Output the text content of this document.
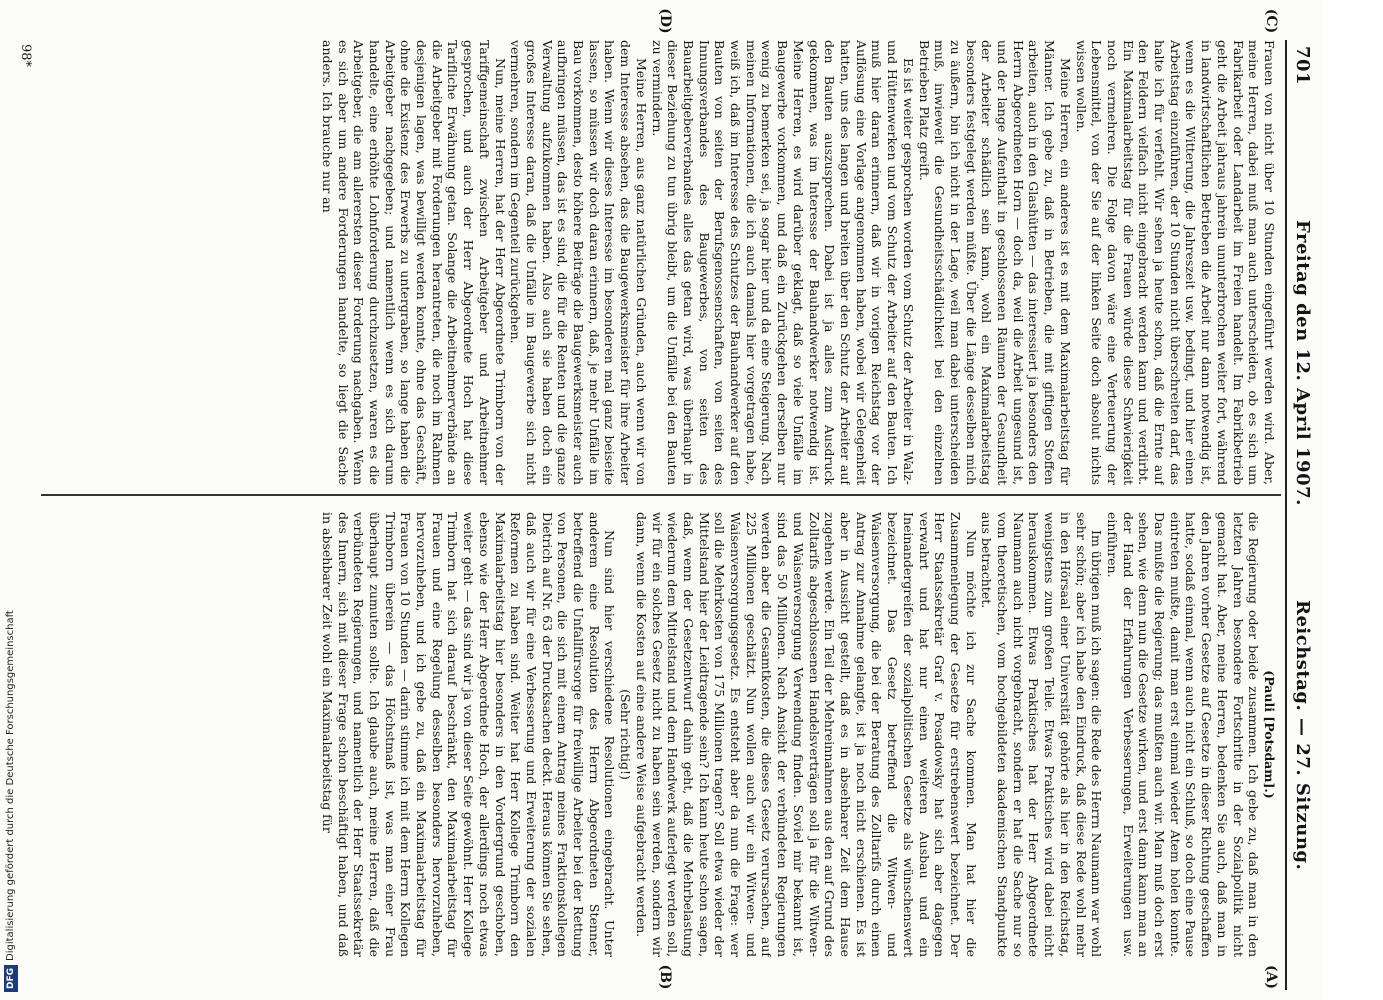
701
Freitag den 12. April 1907.
Reichstag. — 27. Sitzung.
(A)
(B)
(C)
(D)

(Pauli [Potsdam].)

die Regierung oder beide zusammen. Ich gebe zu, daß man in den letzten Jahren besondere Fortschritte in der Sozialpolitik nicht gemacht hat. Aber, meine Herren, bedenken Sie auch, daß man in den Jahren vorher Gesetze auf Gesetze in dieser Richtung geschaffen hatte, sodaß einmal, wenn auch nicht ein Schluß, so doch eine Pause eintreten mußte, damit man erst einmal wieder Atem holen konnte. Das mußte die Regierung; das mußten auch wir. Man muß doch erst sehen, wie denn nun die Gesetze wirken, und erst dann kann man an der Hand der Erfahrungen Verbesserungen, Erweiterungen usw. einführen.

Im übrigen muß ich sagen: die Rede des Herrn Naumann war wohl sehr schön; aber ich habe den Eindruck, daß diese Rede wohl mehr in den Hörsaal einer Universität gehörte als hier in den Reichstag, wenigstens zum großen Teile. Etwas Praktisches wird dabei nicht herauskommen. Etwas Praktisches hat der Herr Abgeordnete Naumann auch nicht vorgebracht, sondern er hat die Sache nur so vom theoretischen, vom hochgebildeten akademischen Standpunkte aus betrachtet.

Nun möchte ich zur Sache kommen. Man hat hier die Zusammenlegung der Gesetze für erstrebenswert bezeichnet. Der Herr Staatssekretär Graf v. Posadowsky hat sich aber dagegen verwahrt und hat nur einen weiteren Ausbau und ein Ineinandergreifen der sozialpolitischen Gesetze als wünschenswert bezeichnet. Das Gesetz betreffend die Witwen- und Waisenversorgung, die bei der Beratung des Zolltarifs durch einen Antrag zur Annahme gelangte, ist ja noch nicht erschienen. Es ist aber in Aussicht gestellt, daß es in absehbarer Zeit dem Hause zugehen werde. Ein Teil der Mehreinnahmen aus den auf Grund des Zolltarifs abgeschlossenen Handelsverträgen soll ja für die Witwen- und Waisenversorgung Verwendung finden. Soviel mir bekannt ist, sind das 50 Millionen. Nach Ansicht der verbündeten Regierungen werden aber die Gesamtkosten, die dieses Gesetz verursachen, auf 225 Millionen geschätzt. Nun wollen auch wir ein Witwen- und Waisenversorgungsgesetz. Es entsteht aber da nun die Frage: wer soll die Mehrkosten von 175 Millionen tragen? Soll etwa wieder der Mittelstand hier der Leidtragende sein? Ich kann heute schon sagen, daß, wenn der Gesetzentwurf dahin geht, daß die Mehrbelastung wiederum dem Mittelstand und dem Handwerk auferlegt werden soll, wir für ein solches Gesetz nicht zu haben sein werden, sondern wir dann, wenn die Kosten auf eine andere Weise aufgebracht werden.

(Sehr richtig!)

Nun sind hier verschiedene Resolutionen eingebracht. Unter anderem eine Resolution des Herrn Abgeordneten Stenner, betreffend die Unfallfürsorge für freiwillige Arbeiter bei der Rettung von Personen, die sich mit einem Antrag meines Fraktionskollegen Dietrich auf Nr. 63 der Drucksachen deckt. Heraus können Sie sehen, daß auch wir für eine Verbesserung und Erweiterung der sozialen Reformen zu haben sind. Weiter hat Herr Kollege Trimborn den Maximalarbeitstag hier besonders in den Vordergrund geschoben, ebenso wie der Herr Abgeordnete Hoch, der allerdings noch etwas weiter geht — das sind wir ja von dieser Seite gewöhnt. Herr Kollege Trimborn hat sich darauf beschränkt, den Maximalarbeitstag für Frauen und eine Regelung desselben besonders hervorzuheben, hervorzuheben, und ich gebe zu, daß ein Maximalarbeitstag für Frauen von 10 Stunden — darin stimme ich mit dem Herrn Kollegen Trimborn überein — das Höchstmaß ist, was man einer Frau überhaupt zumuten sollte. Ich glaube auch, meine Herren, daß die verbündeten Regierungen, und namentlich der Herr Staatssekretär des Innern, sich mit dieser Frage schon beschäftigt haben, und daß in absehbarer Zeit wohl ein Maximalarbeitstag für

Frauen von nicht über 10 Stunden eingeführt werden wird. Aber, meine Herren, dabei muß man auch unterscheiden, ob es sich um Fabrikarbeit oder Landarbeit im Freien handelt. Im Fabrikbetrieb geht die Arbeit jahraus jahrein ununterbrochen weiter fort, während in landwirtschaftlichen Betrieben die Arbeit nur dann notwendig ist, wenn es die Witterung, die Jahreszeit usw. bedingt, und hier einen Arbeitstag einzuführen, der 10 Stunden nicht überschreiten darf, das halte ich für verfehlt. Wir sehen ja heute schon, daß die Ernte auf den Feldern vielfach nicht eingebracht werden kann und verdirbt. Ein Maximalarbeitstag für die Frauen würde diese Schwierigkeit noch vermehren. Die Folge davon wäre eine Verteuerung der Lebensmittel, von der Sie auf der linken Seite doch absolut nichts wissen wollen.

Meine Herren, ein anderes ist es mit dem Maximalarbeitstag für Männer. Ich gebe zu, daß in Betrieben, die mit giftigen Stoffen arbeiten, auch in den Glashütten — das interessiert ja besonders den Herrn Abgeordneten Horn — doch da, weil die Arbeit ungesund ist, und der lange Aufenthalt in geschlossenen Räumen der Gesundheit der Arbeiter schädlich sein kann, wohl ein Maximalarbeitstag besonders festgelegt werden müßte. Über die Länge desselben mich zu äußern, bin ich nicht in der Lage, weil man dabei unterscheiden muß, inwieweit die Gesundheitsschädlichkeit bei den einzelnen Betrieben Platz greift.

Es ist weiter gesprochen worden vom Schutz der Arbeiter in Walz- und Hüttenwerken und vom Schutz der Arbeiter auf den Bauten. Ich muß hier daran erinnern, daß wir in vorigen Reichstag vor der Auflösung eine Vorlage angenommen haben, wobei wir Gelegenheit hatten, uns des langen und breiten über den Schutz der Arbeiter auf den Bauten auszusprechen. Dabei ist ja alles zum Ausdruck gekommen, was im Interesse der Bauhandwerker notwendig ist. Meine Herren, es wird darüber geklagt, daß so viele Unfälle im Baugewerbe vorkommen, und daß ein Zurückgehen derselben nur wenig zu bemerken sei, ja sogar hier und da eine Steigerung. Nach meinen Informationen, die ich auch damals hier vorgetragen habe, weiß ich, daß im Interesse des Schutzes der Bauhandwerker auf den Bauten von seiten der Berufsgenossenschaften, von seiten des Innungsverbandes des Baugewerbes, von seiten des Bauarbeitgeberverbandes alles das getan wird, was überhaupt in dieser Beziehung zu tun übrig bleibt, um die Unfälle bei den Bauten zu vermindern.

Meine Herren, aus ganz natürlichen Gründen, auch wenn wir von dem Interesse absehen, das die Baugewerksmeister für ihre Arbeiter haben. Wenn wir dieses Interesse im besonderen mal ganz beiseite lassen, so müssen wir doch daran erinnern, daß, je mehr Unfälle im Bau vorkommen, desto höhere Beiträge die Baugewerksmeister auch aufbringen müssen, das ist es sind, die für die Renten und die ganze Verwaltung aufzukommen haben. Also auch sie haben doch ein großes Interesse daran, daß die Unfälle im Baugewerbe sich nicht vermehren, sondern im Gegenteil zurückgehen.

Nun, meine Herren, hat der Herr Abgeordnete Trimborn von der Tariffgemeinschaft zwischen Arbeitgeber und Arbeitnehmer gesprochen, und auch der Herr Abgeordnete Hoch hat diese Tarifliche Erwähnung getan. Solange die Arbeitnehmerverbände an die Arbeitgeber mit Forderungen herantreten, die noch im Rahmen desjenigen lagen, was bewilligt werden konnte, ohne das Geschäft, ohne die Existenz des Erwerbs zu untergraben, so lange haben die Arbeitgeber nachgegeben; und namentlich wenn es sich darum handelte, eine erhöhte Lohnforderung durchzusetzen, waren es die Arbeitgeber, die am allerersten dieser Forderung nachgaben. Wenn es sich aber um andere Forderungen handelte, so liegt die Sache anders. Ich brauche nur an

98*
DFGDigitalisierung gefördert durch die Deutsche Forschungsgemeinschaft
